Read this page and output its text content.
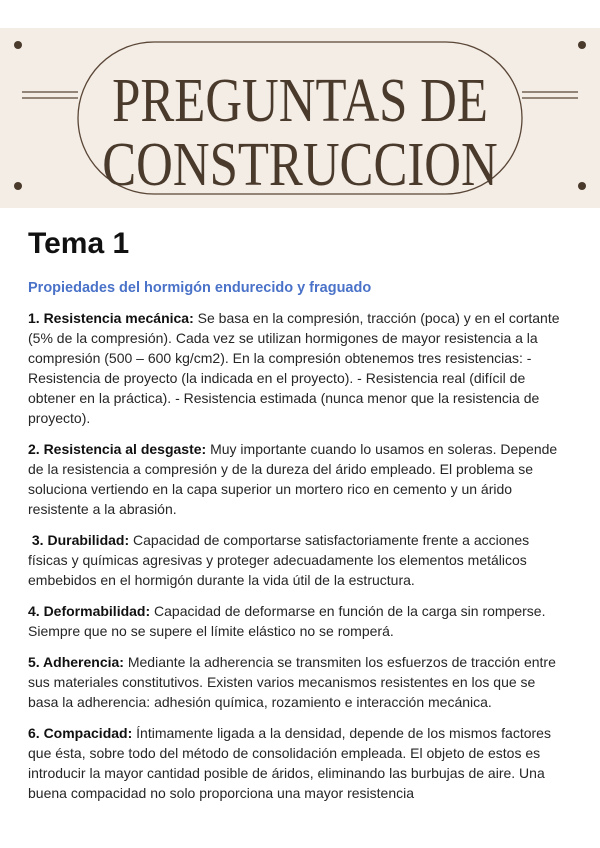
PREGUNTAS DE
CONSTRUCCION
Tema 1
Propiedades del hormigón endurecido y fraguado

1. Resistencia mecánica: Se basa en la compresión, tracción (poca) y en el cortante (5% de la compresión). Cada vez se utilizan hormigones de mayor resistencia a la compresión (500 – 600 kg/cm2). En la compresión obtenemos tres resistencias: - Resistencia de proyecto (la indicada en el proyecto). - Resistencia real (difícil de obtener en la práctica). - Resistencia estimada (nunca menor que la resistencia de proyecto).

2. Resistencia al desgaste: Muy importante cuando lo usamos en soleras. Depende de la resistencia a compresión y de la dureza del árido empleado. El problema se soluciona vertiendo en la capa superior un mortero rico en cemento y un árido resistente a la abrasión.

3. Durabilidad: Capacidad de comportarse satisfactoriamente frente a acciones físicas y químicas agresivas y proteger adecuadamente los elementos metálicos embebidos en el hormigón durante la vida útil de la estructura.

4. Deformabilidad: Capacidad de deformarse en función de la carga sin romperse. Siempre que no se supere el límite elástico no se romperá.

5. Adherencia: Mediante la adherencia se transmiten los esfuerzos de tracción entre sus materiales constitutivos. Existen varios mecanismos resistentes en los que se basa la adherencia: adhesión química, rozamiento e interacción mecánica.

6. Compacidad: Íntimamente ligada a la densidad, depende de los mismos factores que ésta, sobre todo del método de consolidación empleada. El objeto de estos es introducir la mayor cantidad posible de áridos, eliminando las burbujas de aire. Una buena compacidad no solo proporciona una mayor resistencia
